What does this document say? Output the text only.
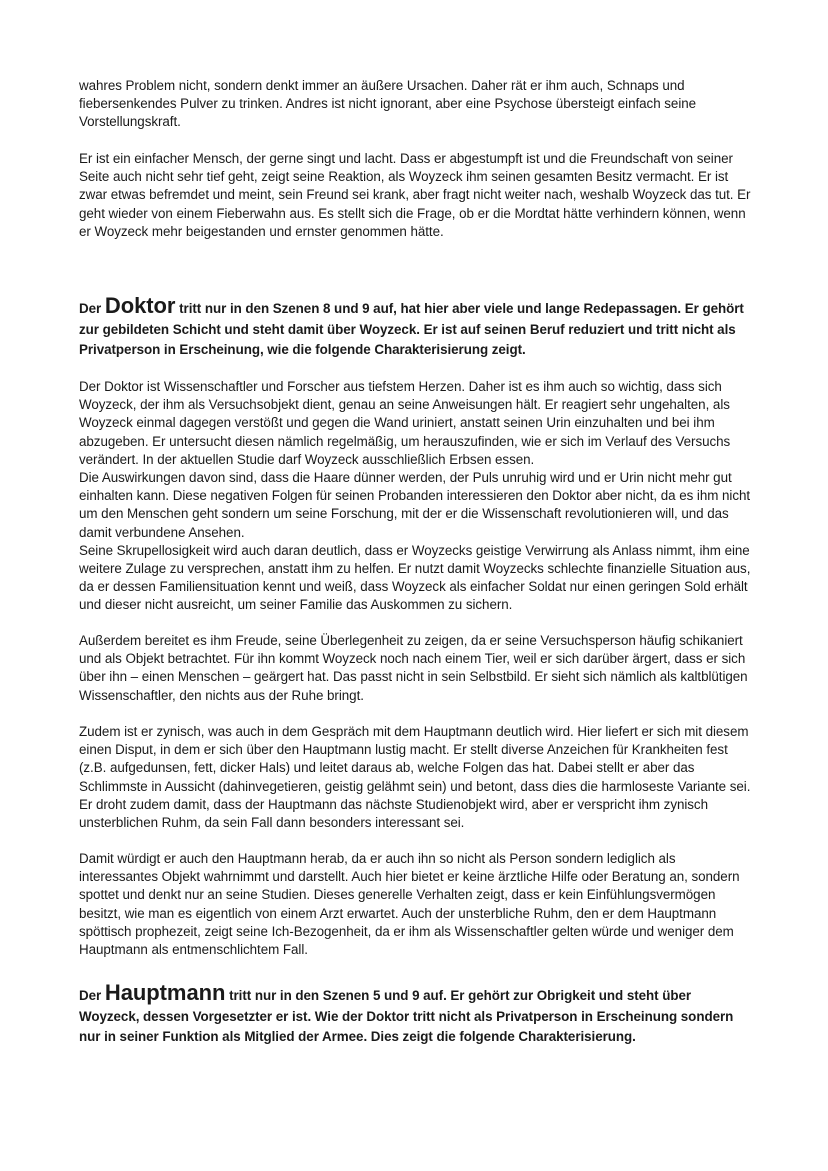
wahres Problem nicht, sondern denkt immer an äußere Ursachen. Daher rät er ihm auch, Schnaps und fiebersenkendes Pulver zu trinken. Andres ist nicht ignorant, aber eine Psychose übersteigt einfach seine Vorstellungskraft.

Er ist ein einfacher Mensch, der gerne singt und lacht. Dass er abgestumpft ist und die Freundschaft von seiner Seite auch nicht sehr tief geht, zeigt seine Reaktion, als Woyzeck ihm seinen gesamten Besitz vermacht. Er ist zwar etwas befremdet und meint, sein Freund sei krank, aber fragt nicht weiter nach, weshalb Woyzeck das tut. Er geht wieder von einem Fieberwahn aus. Es stellt sich die Frage, ob er die Mordtat hätte verhindern können, wenn er Woyzeck mehr beigestanden und ernster genommen hätte.

Der Doktor tritt nur in den Szenen 8 und 9 auf, hat hier aber viele und lange Redepassagen. Er gehört zur gebildeten Schicht und steht damit über Woyzeck. Er ist auf seinen Beruf reduziert und tritt nicht als Privatperson in Erscheinung, wie die folgende Charakterisierung zeigt.

Der Doktor ist Wissenschaftler und Forscher aus tiefstem Herzen. Daher ist es ihm auch so wichtig, dass sich Woyzeck, der ihm als Versuchsobjekt dient, genau an seine Anweisungen hält. Er reagiert sehr ungehalten, als Woyzeck einmal dagegen verstößt und gegen die Wand uriniert, anstatt seinen Urin einzuhalten und bei ihm abzugeben. Er untersucht diesen nämlich regelmäßig, um herauszufinden, wie er sich im Verlauf des Versuchs verändert. In der aktuellen Studie darf Woyzeck ausschließlich Erbsen essen.

Die Auswirkungen davon sind, dass die Haare dünner werden, der Puls unruhig wird und er Urin nicht mehr gut einhalten kann. Diese negativen Folgen für seinen Probanden interessieren den Doktor aber nicht, da es ihm nicht um den Menschen geht sondern um seine Forschung, mit der er die Wissenschaft revolutionieren will, und das damit verbundene Ansehen.

Seine Skrupellosigkeit wird auch daran deutlich, dass er Woyzecks geistige Verwirrung als Anlass nimmt, ihm eine weitere Zulage zu versprechen, anstatt ihm zu helfen. Er nutzt damit Woyzecks schlechte finanzielle Situation aus, da er dessen Familiensituation kennt und weiß, dass Woyzeck als einfacher Soldat nur einen geringen Sold erhält und dieser nicht ausreicht, um seiner Familie das Auskommen zu sichern.

Außerdem bereitet es ihm Freude, seine Überlegenheit zu zeigen, da er seine Versuchsperson häufig schikaniert und als Objekt betrachtet. Für ihn kommt Woyzeck noch nach einem Tier, weil er sich darüber ärgert, dass er sich über ihn – einen Menschen – geärgert hat. Das passt nicht in sein Selbstbild. Er sieht sich nämlich als kaltblütigen Wissenschaftler, den nichts aus der Ruhe bringt.

Zudem ist er zynisch, was auch in dem Gespräch mit dem Hauptmann deutlich wird. Hier liefert er sich mit diesem einen Disput, in dem er sich über den Hauptmann lustig macht. Er stellt diverse Anzeichen für Krankheiten fest (z.B. aufgedunsen, fett, dicker Hals) und leitet daraus ab, welche Folgen das hat. Dabei stellt er aber das Schlimmste in Aussicht (dahinvegetieren, geistig gelähmt sein) und betont, dass dies die harmloseste Variante sei. Er droht zudem damit, dass der Hauptmann das nächste Studienobjekt wird, aber er verspricht ihm zynisch unsterblichen Ruhm, da sein Fall dann besonders interessant sei.

Damit würdigt er auch den Hauptmann herab, da er auch ihn so nicht als Person sondern lediglich als interessantes Objekt wahrnimmt und darstellt. Auch hier bietet er keine ärztliche Hilfe oder Beratung an, sondern spottet und denkt nur an seine Studien. Dieses generelle Verhalten zeigt, dass er kein Einfühlungsvermögen besitzt, wie man es eigentlich von einem Arzt erwartet. Auch der unsterbliche Ruhm, den er dem Hauptmann spöttisch prophezeit, zeigt seine Ich-Bezogenheit, da er ihm als Wissenschaftler gelten würde und weniger dem Hauptmann als entmenschlichtem Fall.

Der Hauptmann tritt nur in den Szenen 5 und 9 auf. Er gehört zur Obrigkeit und steht über Woyzeck, dessen Vorgesetzter er ist. Wie der Doktor tritt nicht als Privatperson in Erscheinung sondern nur in seiner Funktion als Mitglied der Armee. Dies zeigt die folgende Charakterisierung.
